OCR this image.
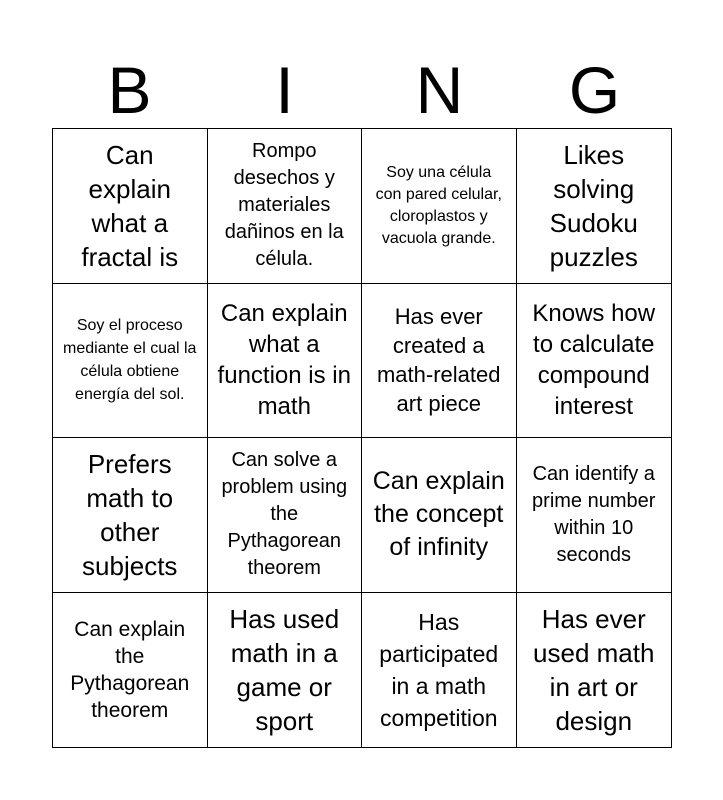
B	I	N	G
Can explain what a fractal is
Rompo desechos y materiales dañinos en la célula.
Soy una célula con pared celular, cloroplastos y vacuola grande.
Likes solving Sudoku puzzles
Soy el proceso mediante el cual la célula obtiene energía del sol.
Can explain what a function is in math
Has ever created a math-related art piece
Knows how to calculate compound interest
Prefers math to other subjects
Can solve a problem using the Pythagorean theorem
Can explain the concept of infinity
Can identify a prime number within 10 seconds
Can explain the Pythagorean theorem
Has used math in a game or sport
Has participated in a math competition
Has ever used math in art or design
